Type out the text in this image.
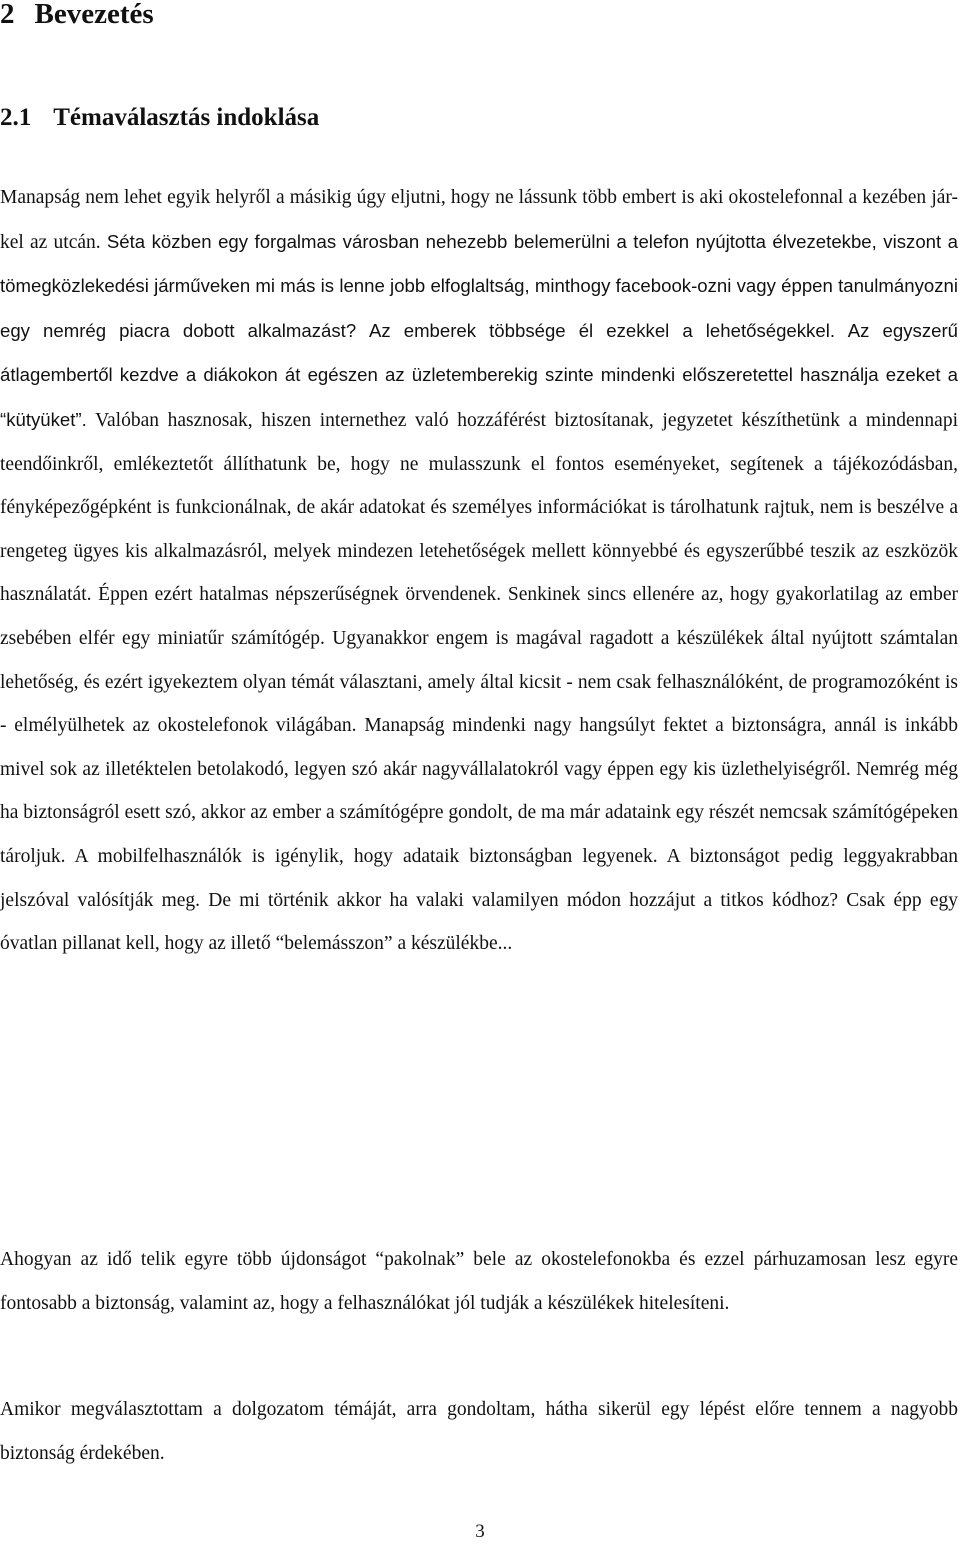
2 Bevezetés
2.1 Témaválasztás indoklása

Manapság nem lehet egyik helyről a másikig úgy eljutni, hogy ne lássunk több embert is aki okostelefonnal a kezében jár-kel az utcán. Séta közben egy forgalmas városban nehezebb belemerülni a telefon nyújtotta élvezetekbe, viszont a tömegközlekedési járműveken mi más is lenne jobb elfoglaltság, minthogy facebook-ozni vagy éppen tanulmányozni egy nemrég piacra dobott alkalmazást? Az emberek többsége él ezekkel a lehetőségekkel. Az egyszerű átlagembertől kezdve a diákokon át egészen az üzletemberekig szinte mindenki előszeretettel használja ezeket a “kütyüket”. Valóban hasznosak, hiszen internethez való hozzáférést biztosítanak, jegyzetet készíthetünk a mindennapi teendőinkről, emlékeztetőt állíthatunk be, hogy ne mulasszunk el fontos eseményeket, segítenek a tájékozódásban, fényképezőgépként is funkcionálnak, de akár adatokat és személyes információkat is tárolhatunk rajtuk, nem is beszélve a rengeteg ügyes kis alkalmazásról, melyek mindezen letehetőségek mellett könnyebbé és egyszerűbbé teszik az eszközök használatát. Éppen ezért hatalmas népszerűségnek örvendenek. Senkinek sincs ellenére az, hogy gyakorlatilag az ember zsebében elfér egy miniatűr számítógép. Ugyanakkor engem is magával ragadott a készülékek által nyújtott számtalan lehetőség, és ezért igyekeztem olyan témát választani, amely által kicsit - nem csak felhasználóként, de programozóként is - elmélyülhetek az okostelefonok világában. Manapság mindenki nagy hangsúlyt fektet a biztonságra, annál is inkább mivel sok az illetéktelen betolakodó, legyen szó akár nagyvállalatokról vagy éppen egy kis üzlethelyiségről. Nemrég még ha biztonságról esett szó, akkor az ember a számítógépre gondolt, de ma már adataink egy részét nemcsak számítógépeken tároljuk. A mobilfelhasználók is igénylik, hogy adataik biztonságban legyenek. A biztonságot pedig leggyakrabban jelszóval valósítják meg. De mi történik akkor ha valaki valamilyen módon hozzájut a titkos kódhoz? Csak épp egy óvatlan pillanat kell, hogy az illető “belemásszon” a készülékbe...

Ahogyan az idő telik egyre több újdonságot “pakolnak” bele az okostelefonokba és ezzel párhuzamosan lesz egyre fontosabb a biztonság, valamint az, hogy a felhasználókat jól tudják a készülékek hitelesíteni.

Amikor megválasztottam a dolgozatom témáját, arra gondoltam, hátha sikerül egy lépést előre tennem a nagyobb biztonság érdekében.

3
